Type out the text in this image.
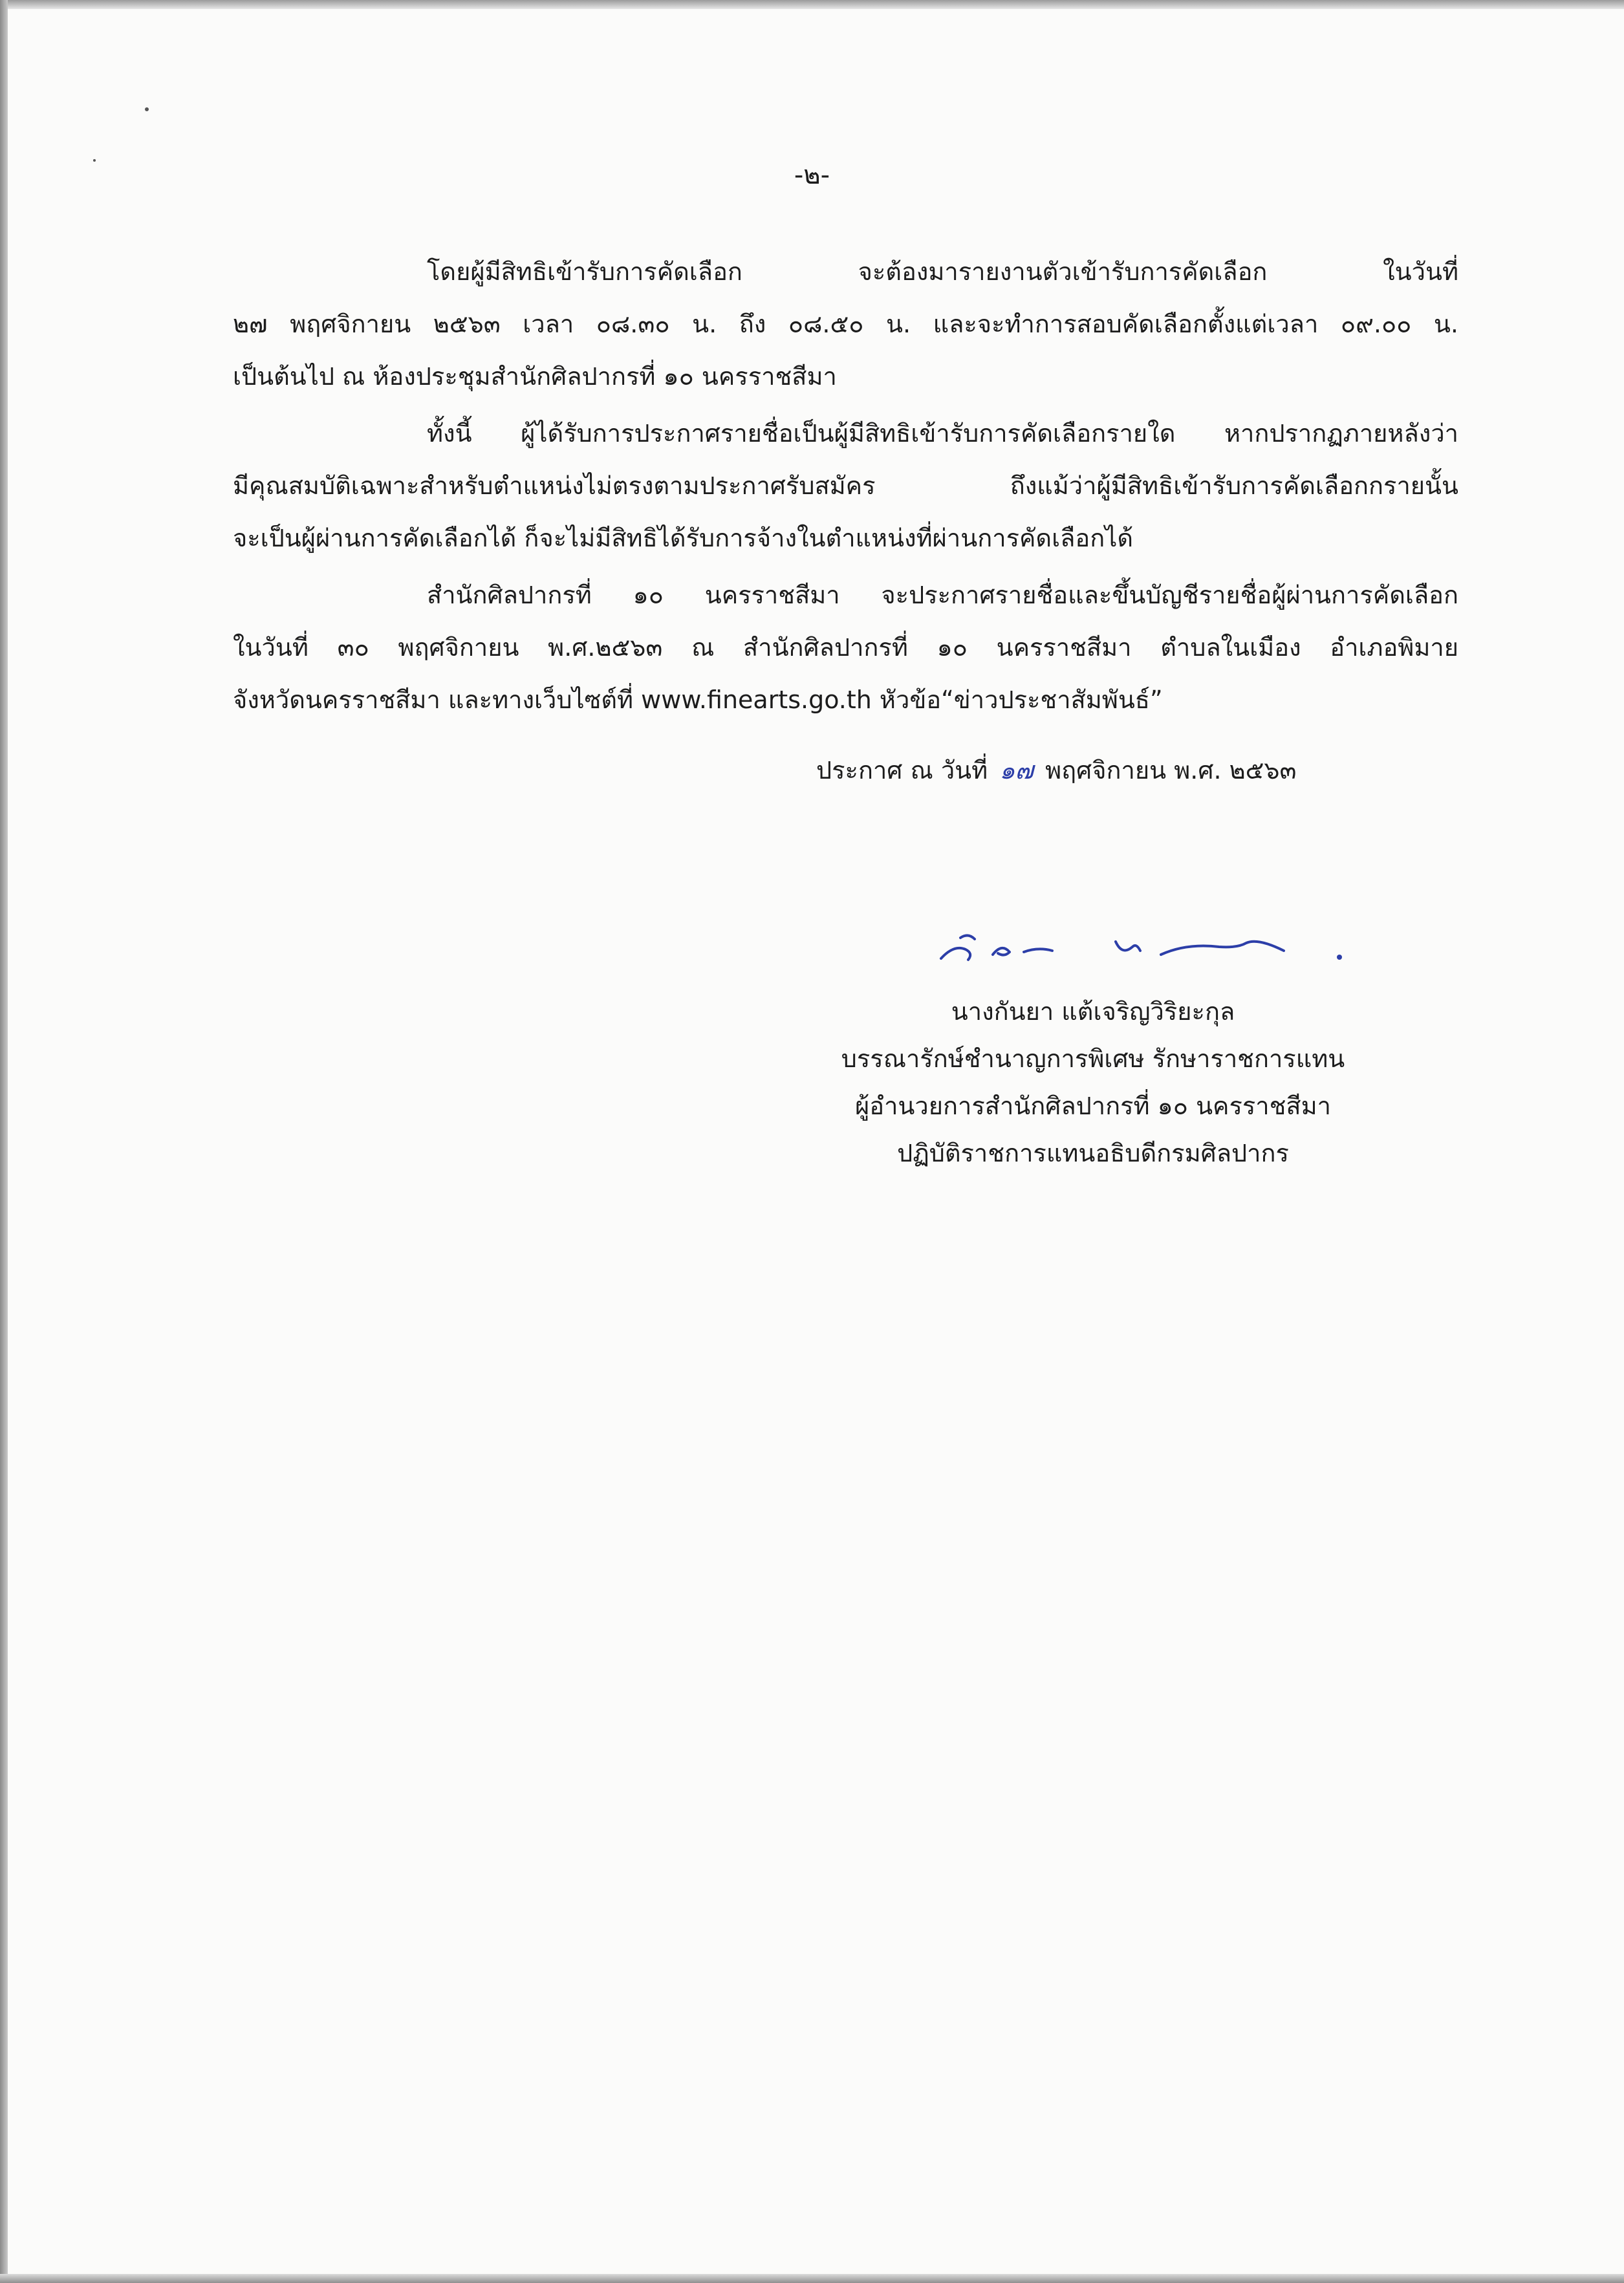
-๒-

โดยผู้มีสิทธิเข้ารับการคัดเลือก จะต้องมารายงานตัวเข้ารับการคัดเลือก ในวันที่
๒๗ พฤศจิกายน ๒๕๖๓ เวลา ๐๘.๓๐ น. ถึง ๐๘.๕๐ น. และจะทำการสอบคัดเลือกตั้งแต่เวลา ๐๙.๐๐ น.
เป็นต้นไป ณ ห้องประชุมสำนักศิลปากรที่ ๑๐ นครราชสีมา

ทั้งนี้ ผู้ได้รับการประกาศรายชื่อเป็นผู้มีสิทธิเข้ารับการคัดเลือกรายใด หากปรากฏภายหลังว่า
มีคุณสมบัติเฉพาะสำหรับตำแหน่งไม่ตรงตามประกาศรับสมัคร ถึงแม้ว่าผู้มีสิทธิเข้ารับการคัดเลือกกรายนั้น
จะเป็นผู้ผ่านการคัดเลือกได้ ก็จะไม่มีสิทธิได้รับการจ้างในตำแหน่งที่ผ่านการคัดเลือกได้

สำนักศิลปากรที่ ๑๐ นครราชสีมา จะประกาศรายชื่อและขึ้นบัญชีรายชื่อผู้ผ่านการคัดเลือก
ในวันที่ ๓๐ พฤศจิกายน พ.ศ.๒๕๖๓ ณ สำนักศิลปากรที่ ๑๐ นครราชสีมา ตำบลในเมือง อำเภอพิมาย
จังหวัดนครราชสีมา และทางเว็บไซต์ที่ www.finearts.go.th หัวข้อ“ข่าวประชาสัมพันธ์”

ประกาศ ณ วันที่ ๑๗ พฤศจิกายน พ.ศ. ๒๕๖๓
นางกันยา แต้เจริญวิริยะกุล
บรรณารักษ์ชำนาญการพิเศษ รักษาราชการแทน
ผู้อำนวยการสำนักศิลปากรที่ ๑๐ นครราชสีมา
ปฏิบัติราชการแทนอธิบดีกรมศิลปากร
